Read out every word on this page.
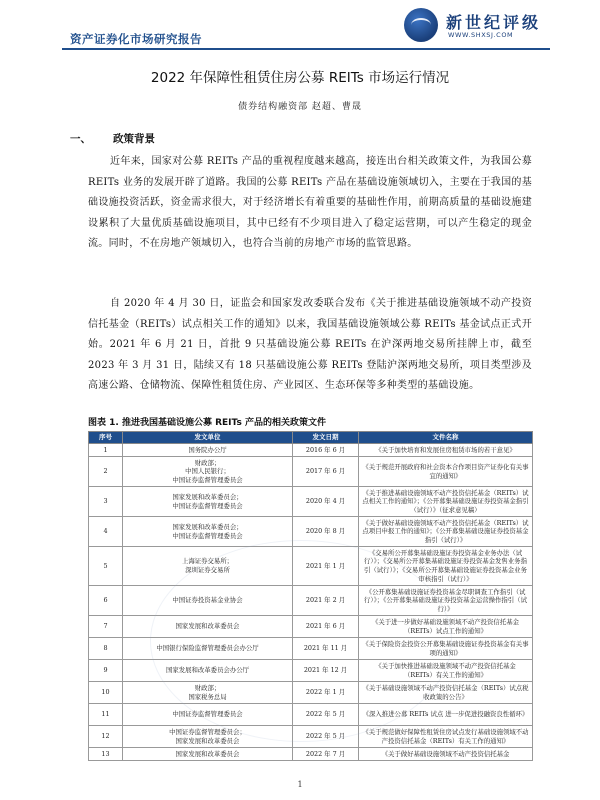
资产证券化市场研究报告
新世纪评级
WWW.SHXSJ.COM
2022 年保障性租赁住房公募 REITs 市场运行情况
债券结构融资部 赵超、曹晟
一、 政策背景

近年来，国家对公募 REITs 产品的重视程度越来越高，接连出台相关政策文件，为我国公募 REITs 业务的发展开辟了道路。我国的公募 REITs 产品在基础设施领域切入，主要在于我国的基础设施投资活跃，资金需求很大，对于经济增长有着重要的基础性作用，前期高质量的基础设施建设累积了大量优质基础设施项目，其中已经有不少项目进入了稳定运营期，可以产生稳定的现金流。同时，不在房地产领域切入，也符合当前的房地产市场的监管思路。

自 2020 年 4 月 30 日，证监会和国家发改委联合发布《关于推进基础设施领域不动产投资信托基金（REITs）试点相关工作的通知》以来，我国基础设施领域公募 REITs 基金试点正式开始。2021 年 6 月 21 日，首批 9 只基础设施公募 REITs 在沪深两地交易所挂牌上市，截至 2023 年 3 月 31 日，陆续又有 18 只基础设施公募 REITs 登陆沪深两地交易所，项目类型涉及高速公路、仓储物流、保障性租赁住房、产业园区、生态环保等多种类型的基础设施。

图表 1. 推进我国基础设施公募 REITs 产品的相关政策文件
序号	发文单位	发文日期	文件名称
1	国务院办公厅	2016 年 6 月	《关于加快培育和发展住房租赁市场的若干意见》
2	财政部；
中国人民银行；
中国证券监督管理委员会	2017 年 6 月	《关于规范开展政府和社会资本合作项目资产证券化有关事宜的通知》
3	国家发展和改革委员会；
中国证券监督管理委员会	2020 年 4 月	《关于推进基础设施领域不动产投资信托基金（REITs）试点相关工作的通知》；《公开募集基础设施证券投资基金指引（试行）》（征求意见稿）
4	国家发展和改革委员会；
中国证券监督管理委员会	2020 年 8 月	《关于做好基础设施领域不动产投资信托基金（REITs）试点项目申报工作的通知》；《公开募集基础设施证券投资基金指引（试行）》
5	上海证券交易所；
深圳证券交易所	2021 年 1 月	《交易所公开募集基础设施证券投资基金业务办法（试行）》；《交易所公开募集基础设施证券投资基金发售业务指引（试行）》；《交易所公开募集基础设施证券投资基金业务审核指引（试行）》
6	中国证券投资基金业协会	2021 年 2 月	《公开募集基础设施证券投资基金尽职调查工作指引（试行）》；《公开募集基础设施证券投资基金运营操作指引（试行）》
7	国家发展和改革委员会	2021 年 6 月	《关于进一步做好基础设施领域不动产投资信托基金（REITs）试点工作的通知》
8	中国银行保险监督管理委员会办公厅	2021 年 11 月	《关于保险资金投资公开募集基础设施证券投资基金有关事项的通知》
9	国家发展和改革委员会办公厅	2021 年 12 月	《关于加快推进基础设施领域不动产投资信托基金（REITs）有关工作的通知》
10	财政部；
国家税务总局	2022 年 1 月	《关于基础设施领域不动产投资信托基金（REITs）试点税收政策的公告》
11	中国证券监督管理委员会	2022 年 5 月	《深入推进公募 REITs 试点 进一步促进投融资良性循环》
12	中国证券监督管理委员会；
国家发展和改革委员会	2022 年 5 月	《关于规范做好保障性租赁住房试点发行基础设施领域不动产投资信托基金（REITs）有关工作的通知》
13	国家发展和改革委员会	2022 年 7 月	《关于做好基础设施领域不动产投资信托基金
1
